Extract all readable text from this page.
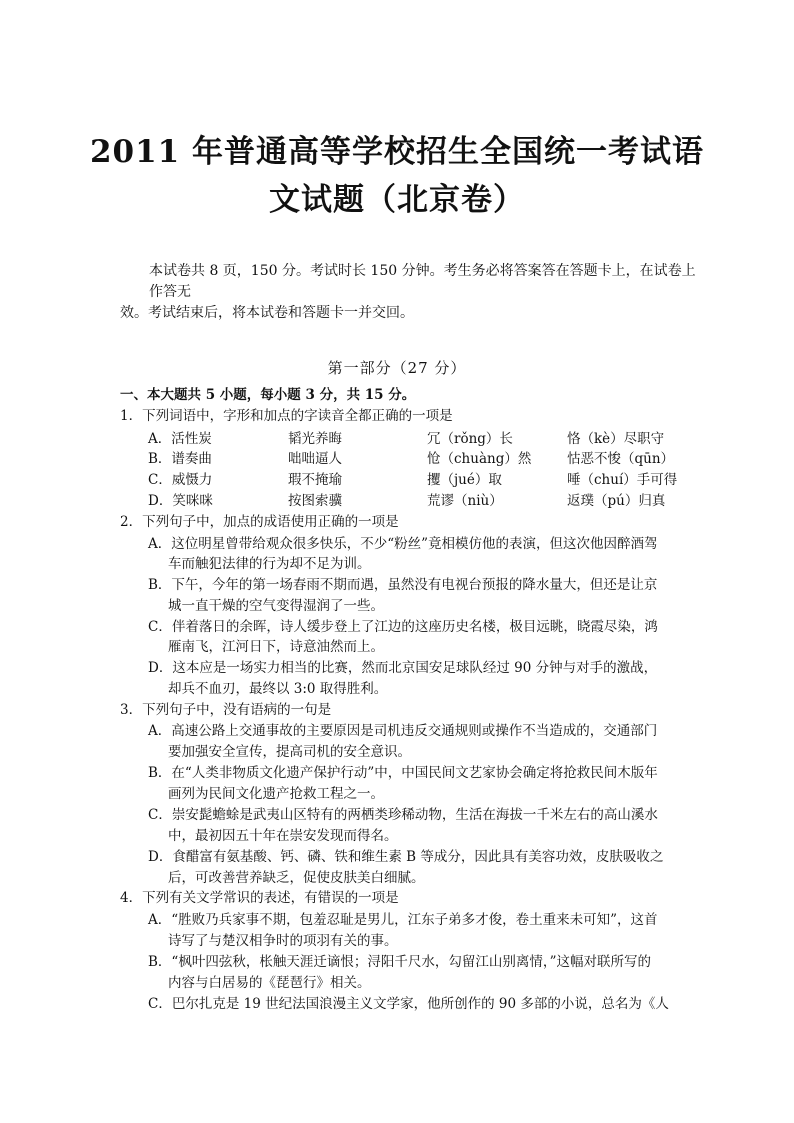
2011 年普通高等学校招生全国统一考试语
文试题（北京卷）
本试卷共 8 页，150 分。考试时长 150 分钟。考生务必将答案答在答题卡上，在试卷上
作答无
效。考试结束后，将本试卷和答题卡一并交回。
第一部分（27 分）
一、本大题共 5 小题，每小题 3 分，共 15 分。
1．下列词语中，字形和加点的字读音全都正确的一项是
A．活性炭	韬光养晦	冗（rǒng）长	恪（kè）尽职守
B．谱奏曲	咄咄逼人	怆（chuàng）然	怙恶不悛（qūn）
C．威慑力	瑕不掩瑜	攫（jué）取	唾（chuí）手可得
D．笑咪咪	按图索骥	荒谬（niù）	返璞（pú）归真
2．下列句子中，加点的成语使用正确的一项是
A．这位明星曾带给观众很多快乐，不少“粉丝”竟相模仿他的表演，但这次他因醉酒驾
车而触犯法律的行为却不足为训。
B．下午，今年的第一场春雨不期而遇，虽然没有电视台预报的降水量大，但还是让京
城一直干燥的空气变得湿润了一些。
C．伴着落日的余晖，诗人缓步登上了江边的这座历史名楼，极目远眺，晓霞尽染，鸿
雁南飞，江河日下，诗意油然而上。
D．这本应是一场实力相当的比赛，然而北京国安足球队经过 90 分钟与对手的激战，
却兵不血刃，最终以 3:0 取得胜利。
3．下列句子中，没有语病的一句是
A．高速公路上交通事故的主要原因是司机违反交通规则或操作不当造成的，交通部门
要加强安全宣传，提高司机的安全意识。
B．在“人类非物质文化遗产保护行动”中，中国民间文艺家协会确定将抢救民间木版年
画列为民间文化遗产抢救工程之一。
C．崇安髭蟾蜍是武夷山区特有的两栖类珍稀动物，生活在海拔一千米左右的高山溪水
中，最初因五十年在崇安发现而得名。
D．食醋富有氨基酸、钙、磷、铁和维生素 B 等成分，因此具有美容功效，皮肤吸收之
后，可改善营养缺乏，促使皮肤美白细腻。
4．下列有关文学常识的表述，有错误的一项是
A．“胜败乃兵家事不期，包羞忍耻是男儿，江东子弟多才俊，卷土重来未可知”，这首
诗写了与楚汉相争时的项羽有关的事。
B．“枫叶四弦秋，枨触天涯迁谪恨；浔阳千尺水，勾留江山别离情，”这幅对联所写的
内容与白居易的《琵琶行》相关。
C．巴尔扎克是 19 世纪法国浪漫主义文学家，他所创作的 90 多部的小说，总名为《人
